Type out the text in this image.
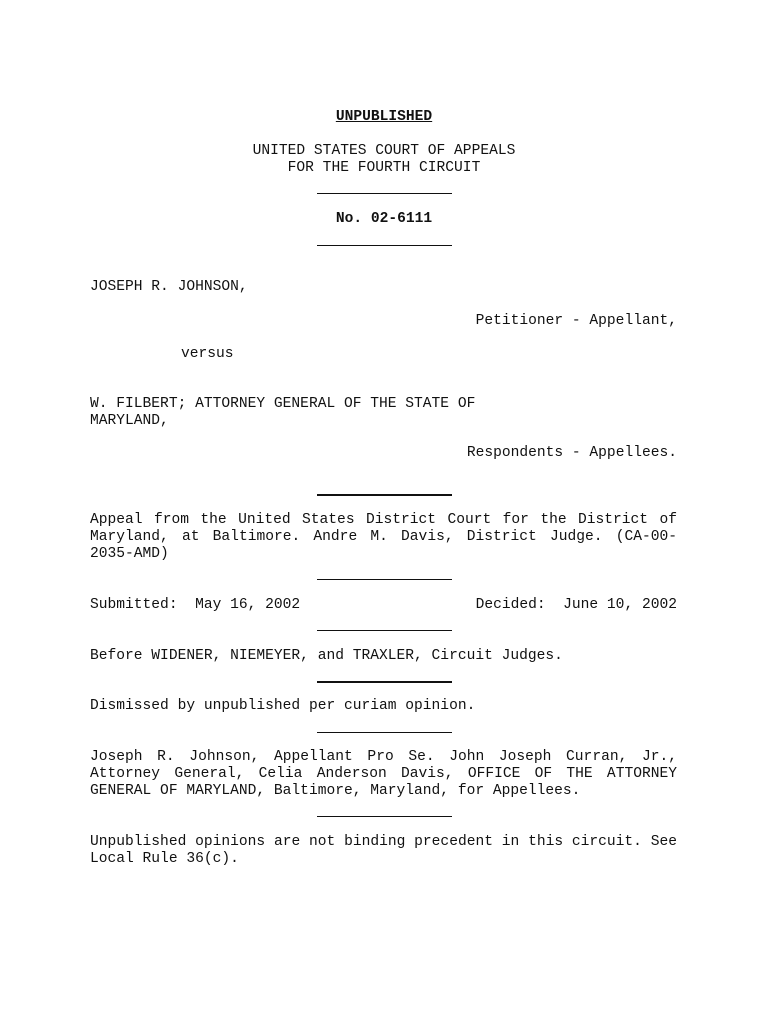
UNPUBLISHED
UNITED STATES COURT OF APPEALS
FOR THE FOURTH CIRCUIT
No. 02-6111
JOSEPH R. JOHNSON,
Petitioner - Appellant,
versus
W. FILBERT; ATTORNEY GENERAL OF THE STATE OF
MARYLAND,
Respondents - Appellees.
Appeal from the United States District Court for the District of Maryland, at Baltimore. Andre M. Davis, District Judge. (CA-00-2035-AMD)
Submitted:  May 16, 2002	Decided:  June 10, 2002
Before WIDENER, NIEMEYER, and TRAXLER, Circuit Judges.
Dismissed by unpublished per curiam opinion.
Joseph R. Johnson, Appellant Pro Se. John Joseph Curran, Jr., Attorney General, Celia Anderson Davis, OFFICE OF THE ATTORNEY GENERAL OF MARYLAND, Baltimore, Maryland, for Appellees.
Unpublished opinions are not binding precedent in this circuit. See Local Rule 36(c).
